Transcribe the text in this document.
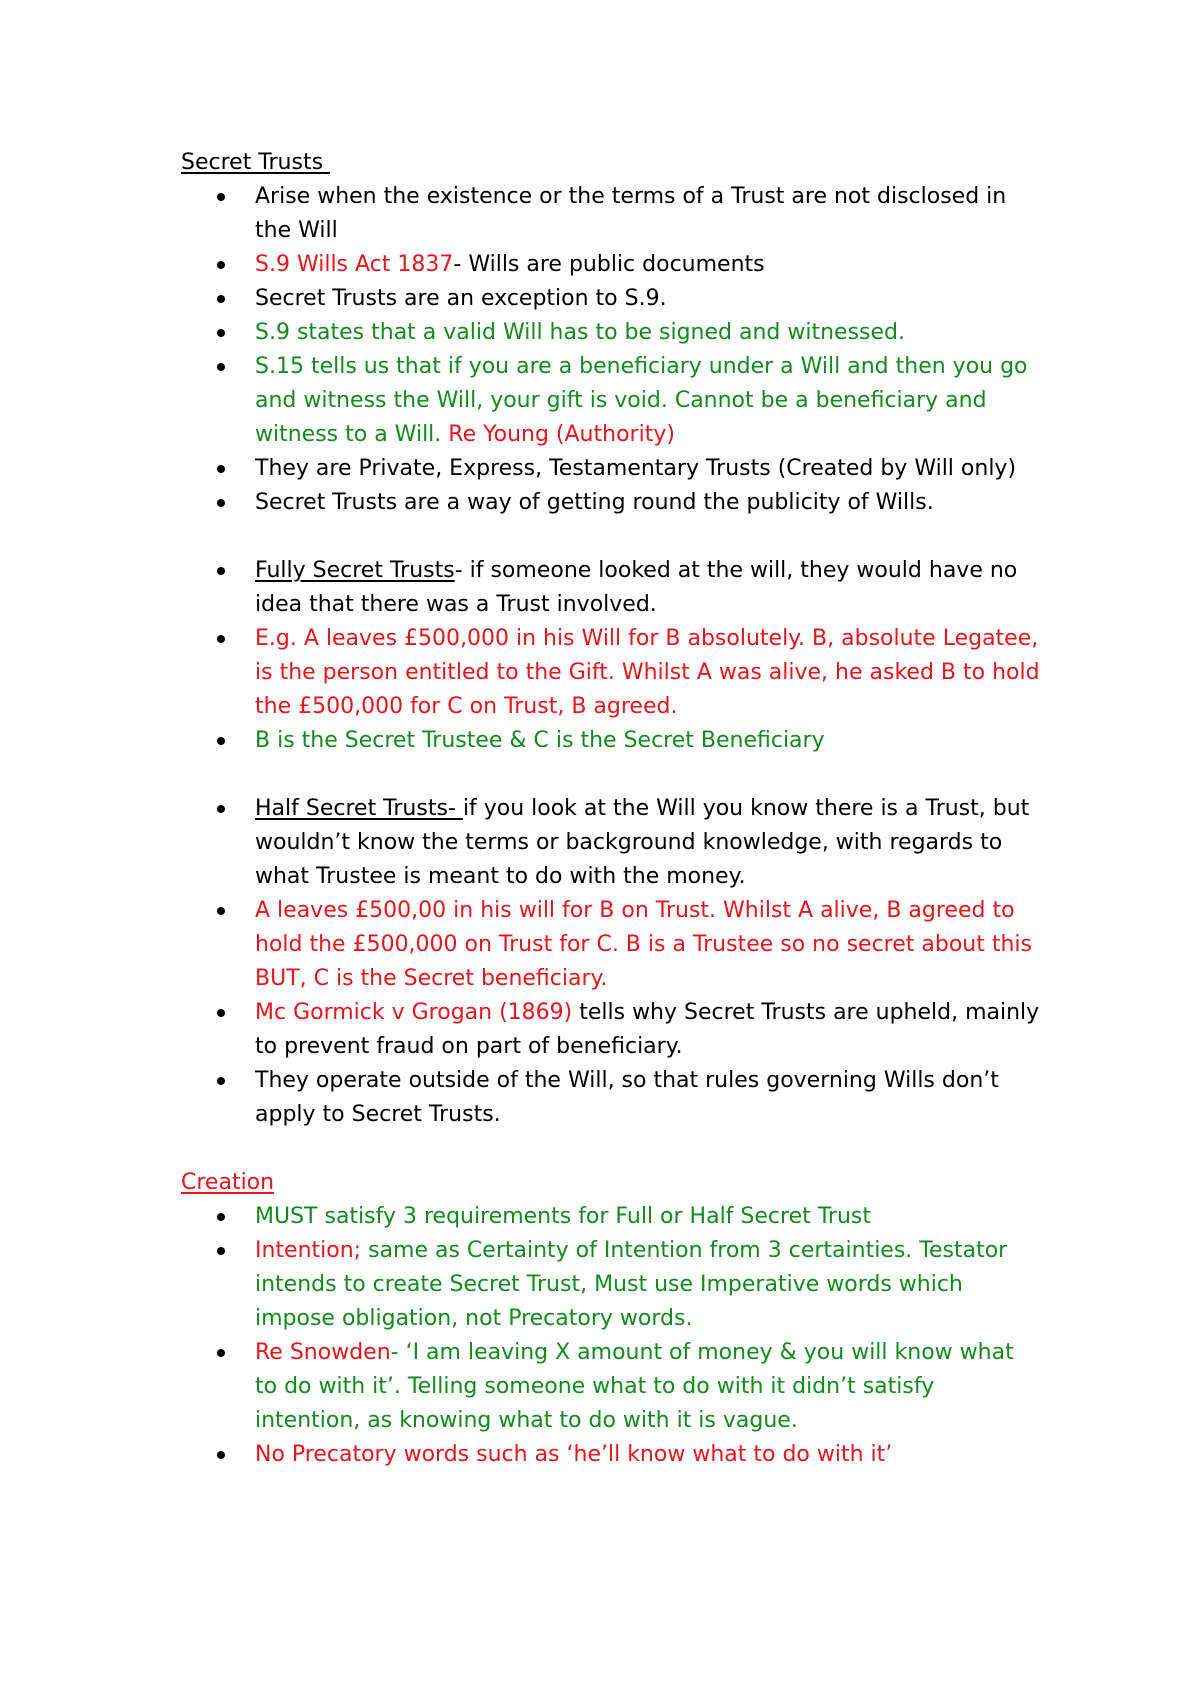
Secret Trusts
Arise when the existence or the terms of a Trust are not disclosed in the Will
S.9 Wills Act 1837- Wills are public documents
Secret Trusts are an exception to S.9.
S.9 states that a valid Will has to be signed and witnessed.
S.15 tells us that if you are a beneficiary under a Will and then you go and witness the Will, your gift is void. Cannot be a beneficiary and witness to a Will. Re Young (Authority)
They are Private, Express, Testamentary Trusts (Created by Will only)
Secret Trusts are a way of getting round the publicity of Wills.
Fully Secret Trusts- if someone looked at the will, they would have no idea that there was a Trust involved.
E.g. A leaves £500,000 in his Will for B absolutely. B, absolute Legatee, is the person entitled to the Gift. Whilst A was alive, he asked B to hold the £500,000 for C on Trust, B agreed.
B is the Secret Trustee & C is the Secret Beneficiary
Half Secret Trusts- if you look at the Will you know there is a Trust, but wouldn’t know the terms or background knowledge, with regards to what Trustee is meant to do with the money.
A leaves £500,00 in his will for B on Trust. Whilst A alive, B agreed to hold the £500,000 on Trust for C. B is a Trustee so no secret about this BUT, C is the Secret beneficiary.
Mc Gormick v Grogan (1869) tells why Secret Trusts are upheld, mainly to prevent fraud on part of beneficiary.
They operate outside of the Will, so that rules governing Wills don’t apply to Secret Trusts.
Creation
MUST satisfy 3 requirements for Full or Half Secret Trust
Intention; same as Certainty of Intention from 3 certainties. Testator intends to create Secret Trust, Must use Imperative words which impose obligation, not Precatory words.
Re Snowden- ‘I am leaving X amount of money & you will know what to do with it’. Telling someone what to do with it didn’t satisfy intention, as knowing what to do with it is vague.
No Precatory words such as ‘he’ll know what to do with it’
